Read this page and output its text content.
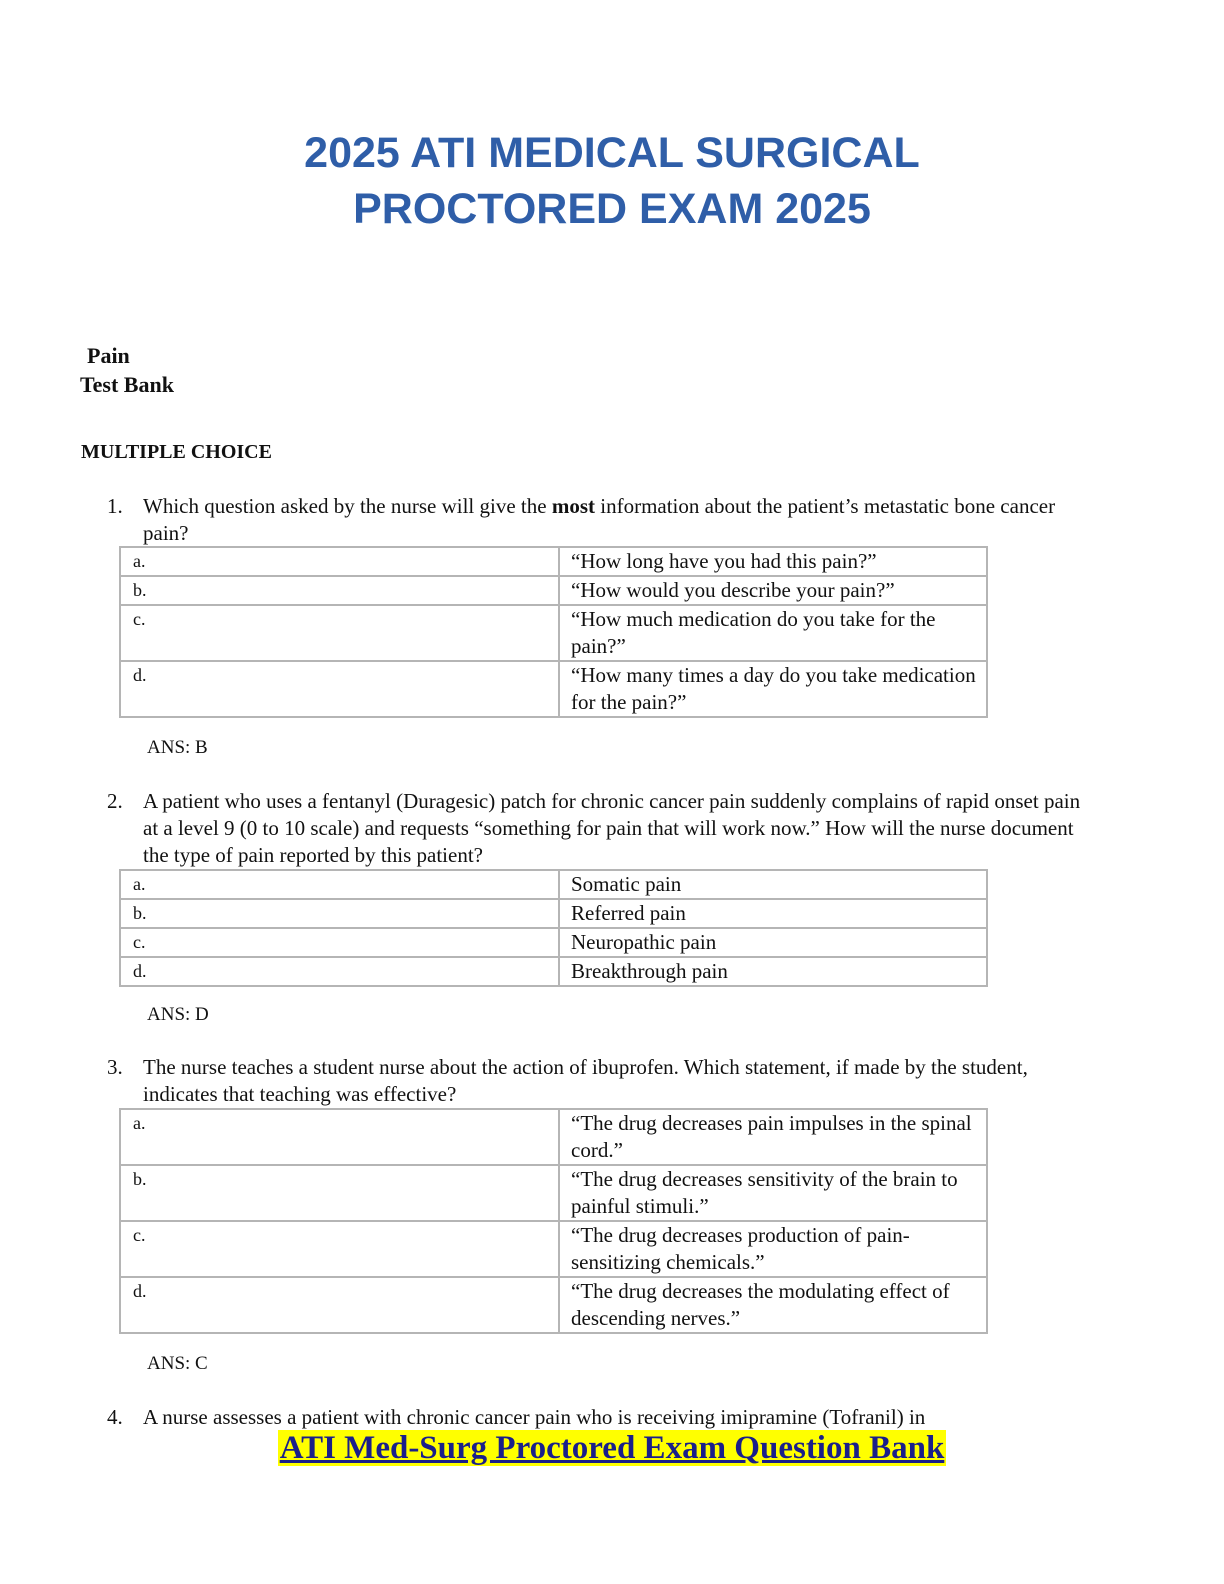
2025 ATI MEDICAL SURGICAL
PROCTORED EXAM 2025
Pain
Test Bank
MULTIPLE CHOICE
1. Which question asked by the nurse will give the most information about the patient’s metastatic bone cancer pain?
a.	“How long have you had this pain?”
b.	“How would you describe your pain?”
c.	“How much medication do you take for the pain?”
d.	“How many times a day do you take medication for the pain?”
ANS: B
2. A patient who uses a fentanyl (Duragesic) patch for chronic cancer pain suddenly complains of rapid onset pain at a level 9 (0 to 10 scale) and requests “something for pain that will work now.” How will the nurse document the type of pain reported by this patient?
a.	Somatic pain
b.	Referred pain
c.	Neuropathic pain
d.	Breakthrough pain
ANS: D
3. The nurse teaches a student nurse about the action of ibuprofen. Which statement, if made by the student, indicates that teaching was effective?
a.	“The drug decreases pain impulses in the spinal cord.”
b.	“The drug decreases sensitivity of the brain to painful stimuli.”
c.	“The drug decreases production of pain-sensitizing chemicals.”
d.	“The drug decreases the modulating effect of descending nerves.”
ANS: C
4. A nurse assesses a patient with chronic cancer pain who is receiving imipramine (Tofranil) in
ATI Med-Surg Proctored Exam Question Bank
